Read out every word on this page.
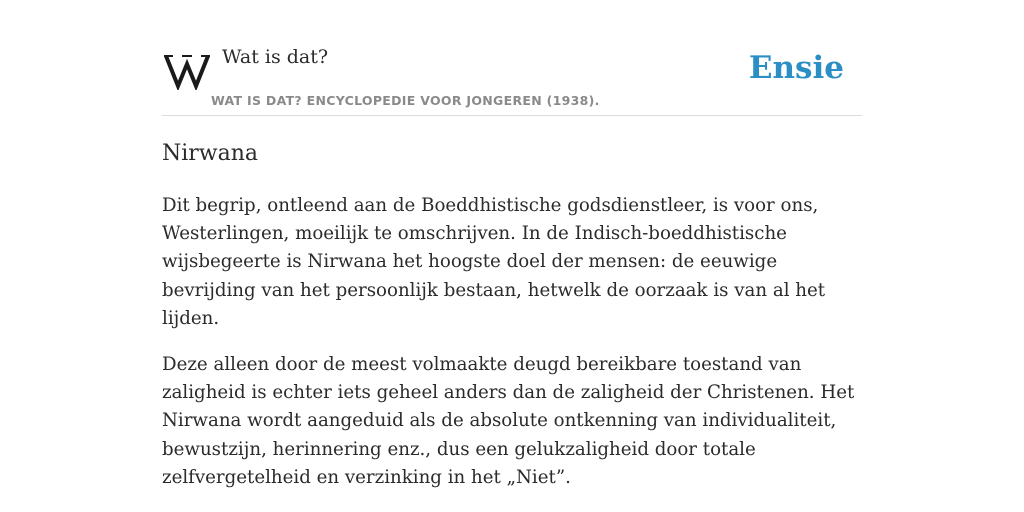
Wat is dat?
WAT IS DAT? ENCYCLOPEDIE VOOR JONGEREN (1938).
Ensie
Nirwana

Dit begrip, ontleend aan de Boeddhistische godsdienstleer, is voor ons, Westerlingen, moeilijk te omschrijven. In de Indisch-boeddhistische wijsbegeerte is Nirwana het hoogste doel der mensen: de eeuwige bevrijding van het persoonlijk bestaan, hetwelk de oorzaak is van al het lijden.

Deze alleen door de meest volmaakte deugd bereikbare toestand van zaligheid is echter iets geheel anders dan de zaligheid der Christenen. Het Nirwana wordt aangeduid als de absolute ontkenning van individualiteit, bewustzijn, herinnering enz., dus een gelukzaligheid door totale zelfvergetelheid en verzinking in het „Niet”.
